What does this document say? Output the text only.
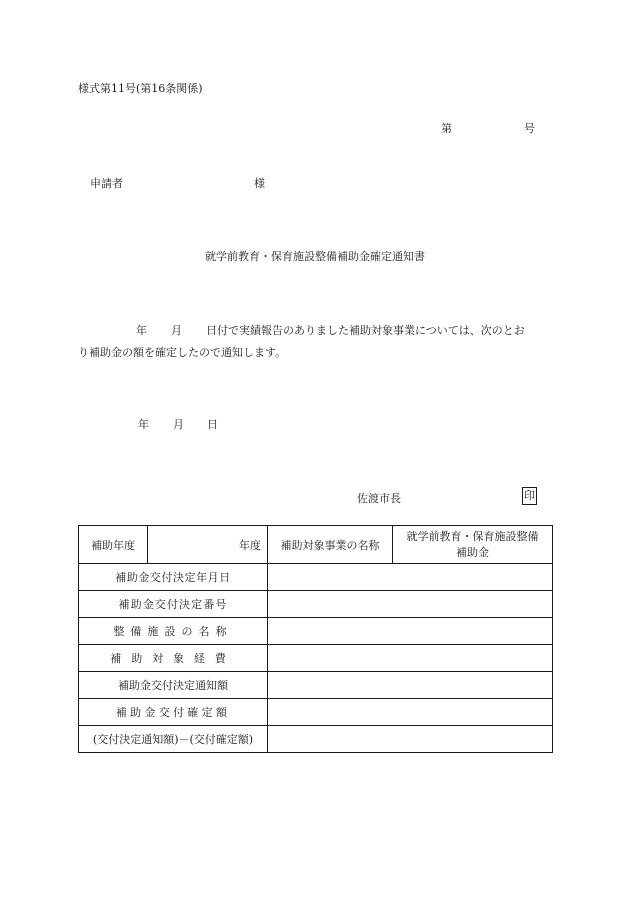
様式第11号(第16条関係)
第	号
申請者	様
就学前教育・保育施設整備補助金確定通知書
年 月 日付で実績報告のありました補助対象事業については、次のとお
り補助金の額を確定したので通知します。
年 月 日
佐渡市長	印
補助年度	年度	補助対象事業の名称	就学前教育・保育施設整備
補助金

補助金交付決定年月日			
補助金交付決定番号			
整備施設の名称			
補助対象経費			
補助金交付決定通知額			
補助金交付確定額			
(交付決定通知額)－(交付確定額)			
